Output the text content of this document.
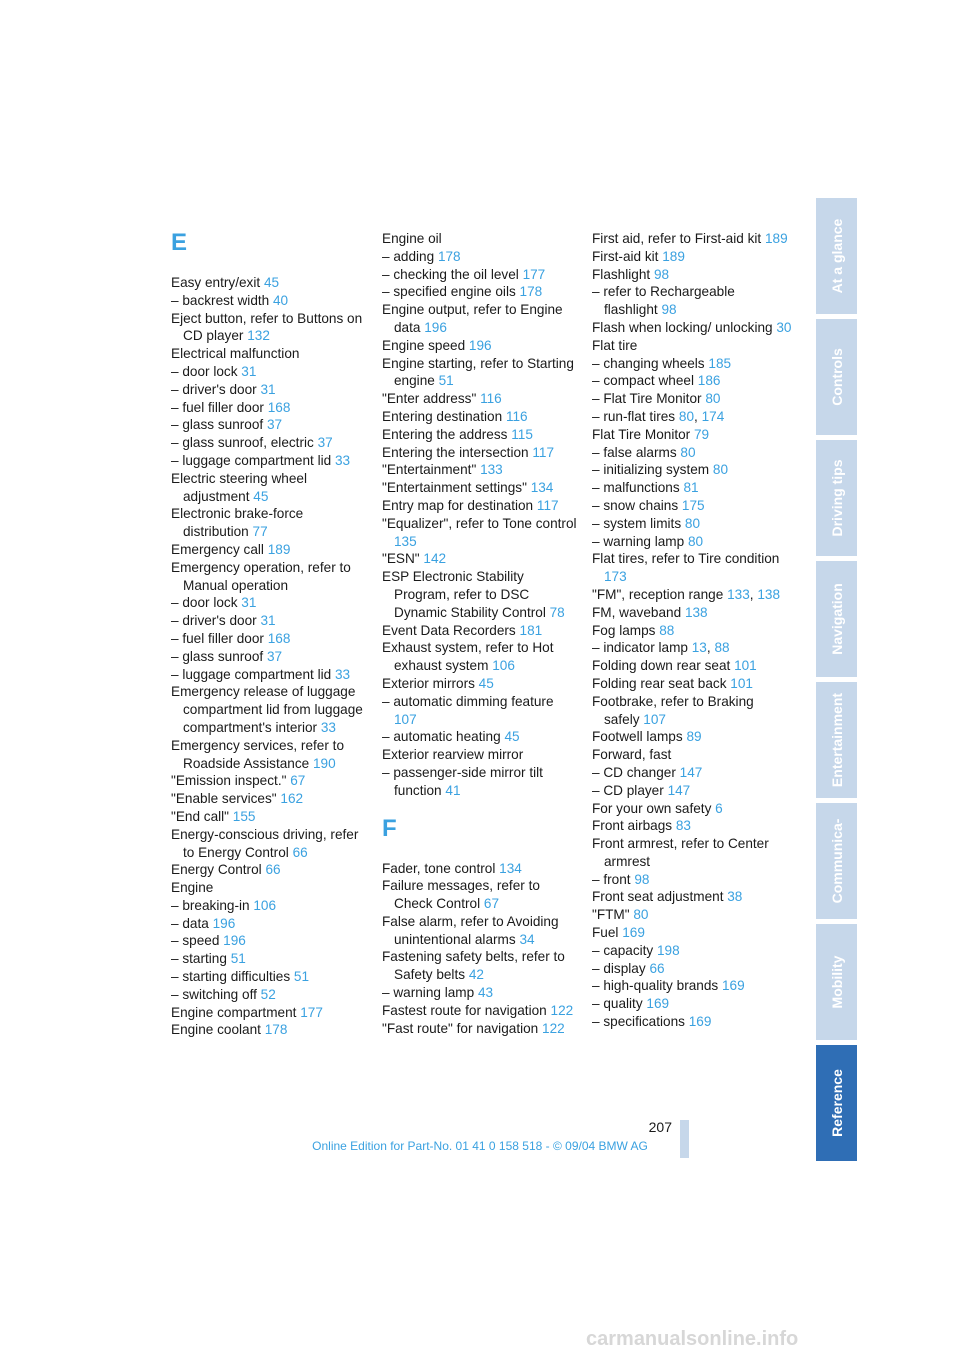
E
Easy entry/exit 45
– backrest width 40
Eject button, refer to Buttons on CD player 132
Electrical malfunction
– door lock 31
– driver's door 31
– fuel filler door 168
– glass sunroof 37
– glass sunroof, electric 37
– luggage compartment lid 33
Electric steering wheel adjustment 45
Electronic brake-force distribution 77
Emergency call 189
Emergency operation, refer to Manual operation
– door lock 31
– driver's door 31
– fuel filler door 168
– glass sunroof 37
– luggage compartment lid 33
Emergency release of luggage compartment lid from luggage compartment's interior 33
Emergency services, refer to Roadside Assistance 190
"Emission inspect." 67
"Enable services" 162
"End call" 155
Energy-conscious driving, refer to Energy Control 66
Energy Control 66
Engine
– breaking-in 106
– data 196
– speed 196
– starting 51
– starting difficulties 51
– switching off 52
Engine compartment 177
Engine coolant 178
Engine oil
– adding 178
– checking the oil level 177
– specified engine oils 178
Engine output, refer to Engine data 196
Engine speed 196
Engine starting, refer to Starting engine 51
"Enter address" 116
Entering destination 116
Entering the address 115
Entering the intersection 117
"Entertainment" 133
"Entertainment settings" 134
Entry map for destination 117
"Equalizer", refer to Tone control 135
"ESN" 142
ESP Electronic Stability Program, refer to DSC Dynamic Stability Control 78
Event Data Recorders 181
Exhaust system, refer to Hot exhaust system 106
Exterior mirrors 45
– automatic dimming feature 107
– automatic heating 45
Exterior rearview mirror
– passenger-side mirror tilt function 41
F
Fader, tone control 134
Failure messages, refer to Check Control 67
False alarm, refer to Avoiding unintentional alarms 34
Fastening safety belts, refer to Safety belts 42
– warning lamp 43
Fastest route for navigation 122
"Fast route" for navigation 122
First aid, refer to First-aid kit 189
First-aid kit 189
Flashlight 98
– refer to Rechargeable flashlight 98
Flash when locking/ unlocking 30
Flat tire
– changing wheels 185
– compact wheel 186
– Flat Tire Monitor 80
– run-flat tires 80, 174
Flat Tire Monitor 79
– false alarms 80
– initializing system 80
– malfunctions 81
– snow chains 175
– system limits 80
– warning lamp 80
Flat tires, refer to Tire condition 173
"FM", reception range 133, 138
FM, waveband 138
Fog lamps 88
– indicator lamp 13, 88
Folding down rear seat 101
Folding rear seat back 101
Footbrake, refer to Braking safely 107
Footwell lamps 89
Forward, fast
– CD changer 147
– CD player 147
For your own safety 6
Front airbags 83
Front armrest, refer to Center armrest
– front 98
Front seat adjustment 38
"FTM" 80
Fuel 169
– capacity 198
– display 66
– high-quality brands 169
– quality 169
– specifications 169
At a glance
Controls
Driving tips
Navigation
Entertainment
Communica-
Mobility
Reference
207
Online Edition for Part-No. 01 41 0 158 518 - © 09/04 BMW AG
carmanualsonline.info
